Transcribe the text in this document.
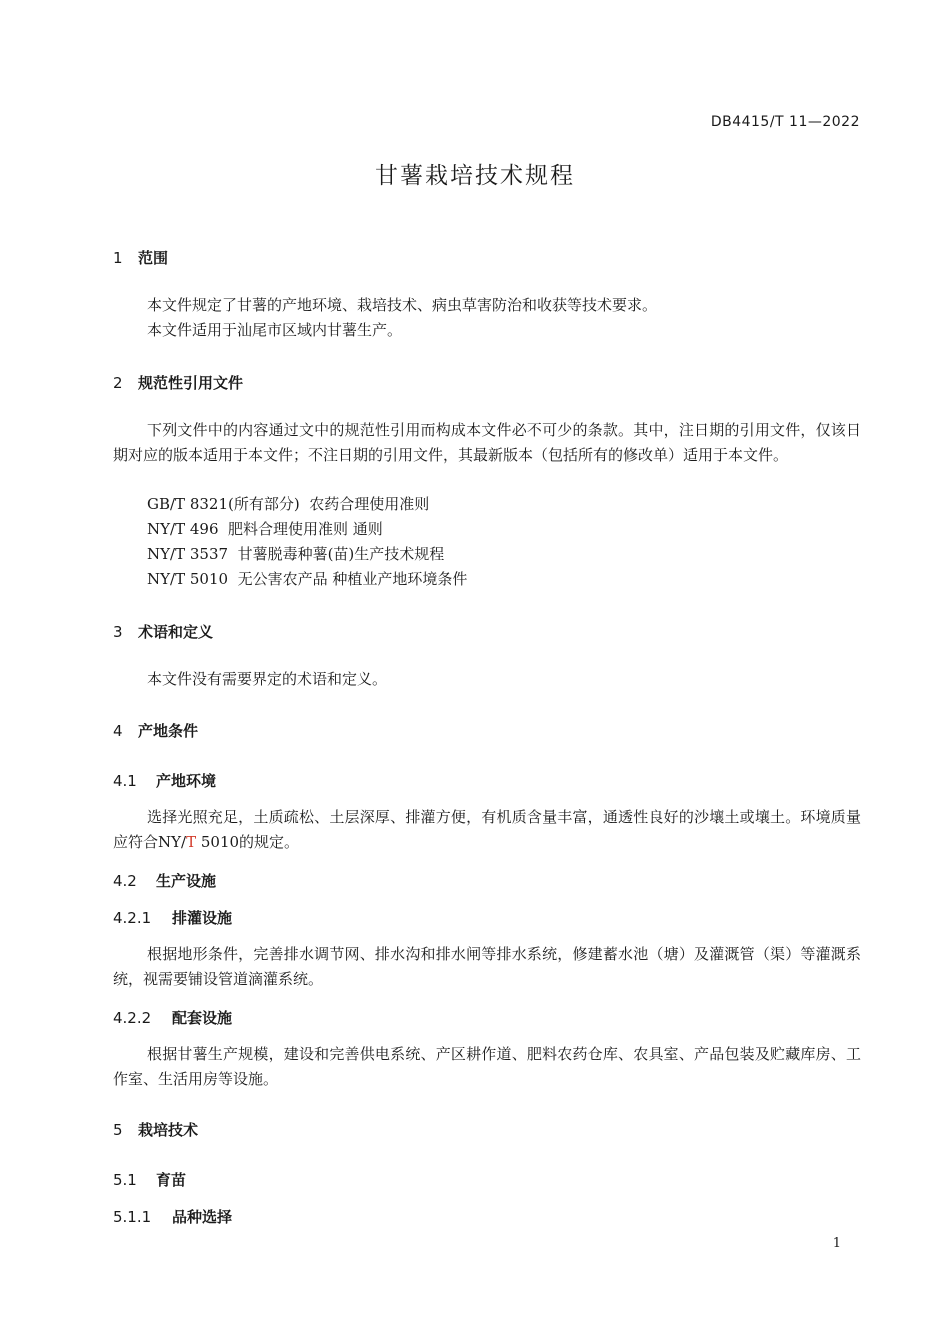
DB4415/T 11—2022
甘薯栽培技术规程
1 范围
本文件规定了甘薯的产地环境、栽培技术、病虫草害防治和收获等技术要求。
本文件适用于汕尾市区域内甘薯生产。
2 规范性引用文件
下列文件中的内容通过文中的规范性引用而构成本文件必不可少的条款。其中，注日期的引用文件，仅该日期对应的版本适用于本文件；不注日期的引用文件，其最新版本（包括所有的修改单）适用于本文件。
GB/T 8321(所有部分)  农药合理使用准则
NY/T 496  肥料合理使用准则 通则
NY/T 3537  甘薯脱毒种薯(苗)生产技术规程
NY/T 5010  无公害农产品 种植业产地环境条件
3 术语和定义
本文件没有需要界定的术语和定义。
4 产地条件
4.1 产地环境
选择光照充足，土质疏松、土层深厚、排灌方便，有机质含量丰富，通透性良好的沙壤土或壤土。环境质量应符合NY/T 5010的规定。
4.2 生产设施
4.2.1 排灌设施
根据地形条件，完善排水调节网、排水沟和排水闸等排水系统，修建蓄水池（塘）及灌溉管（渠）等灌溉系统，视需要铺设管道滴灌系统。
4.2.2 配套设施
根据甘薯生产规模，建设和完善供电系统、产区耕作道、肥料农药仓库、农具室、产品包装及贮藏库房、工作室、生活用房等设施。
5 栽培技术
5.1 育苗
5.1.1 品种选择
1
